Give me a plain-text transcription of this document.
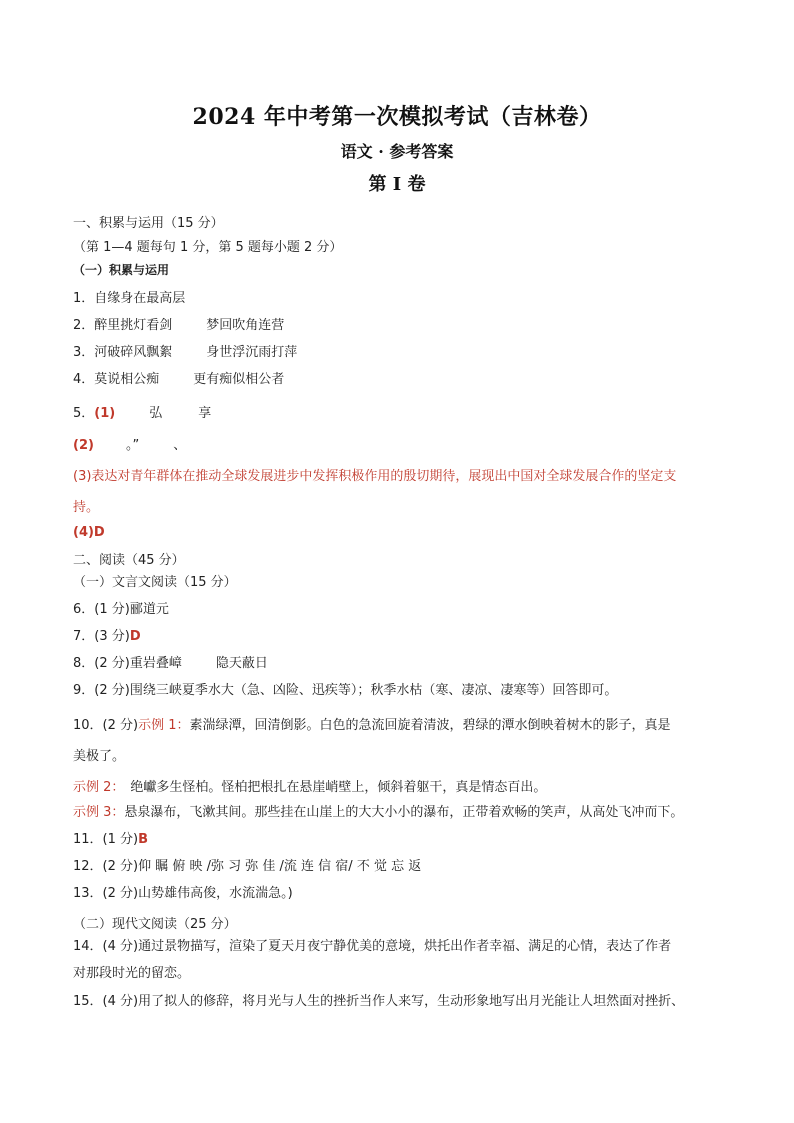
2024 年中考第一次模拟考试（吉林卷）
语文 · 参考答案
第 I 卷
一、积累与运用（15 分）
（第 1—4 题每句 1 分，第 5 题每小题 2 分）
（一）积累与运用
1．自缘身在最高层
2．醉里挑灯看剑	梦回吹角连营
3．河破碎风飘絮	身世浮沉雨打萍
4．莫说相公痴	更有痴似相公者
5．(1)	弘	享
(2) 。”	、
(3)表达对青年群体在推动全球发展进步中发挥积极作用的殷切期待，展现出中国对全球发展合作的坚定支
持。
(4)D
二、阅读（45 分）
（一）文言文阅读（15 分）
6．(1 分)郦道元
7．(3 分)D
8．(2 分)重岩叠嶂	隐天蔽日
9．(2 分)围绕三峡夏季水大（急、凶险、迅疾等）；秋季水枯（寒、凄凉、凄寒等）回答即可。
10．(2 分)示例 1：素湍绿潭，回清倒影。白色的急流回旋着清波，碧绿的潭水倒映着树木的影子，真是
美极了。
示例 2： 绝巘多生怪柏。怪柏把根扎在悬崖峭壁上，倾斜着躯干，真是情态百出。
示例 3：悬泉瀑布，飞漱其间。那些挂在山崖上的大大小小的瀑布，正带着欢畅的笑声，从高处飞冲而下。
11．(1 分)B
12．(2 分)仰 瞩 俯 映 /弥 习 弥 佳 /流 连 信 宿/ 不 觉 忘 返
13．(2 分)山势雄伟高俊，水流湍急。)
（二）现代文阅读（25 分）
14．(4 分)通过景物描写，渲染了夏天月夜宁静优美的意境，烘托出作者幸福、满足的心情，表达了作者
对那段时光的留恋。
15．(4 分)用了拟人的修辞，将月光与人生的挫折当作人来写，生动形象地写出月光能让人坦然面对挫折、
